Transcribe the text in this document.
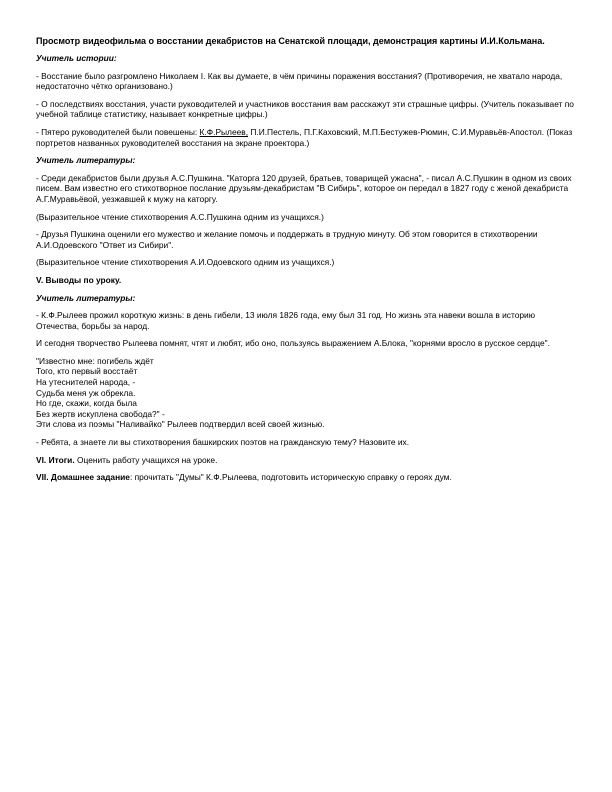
Просмотр видеофильма о восстании декабристов на Сенатской площади, демонстрация картины И.И.Кольмана.

Учитель истории:

- Восстание было разгромлено Николаем I. Как вы думаете, в чём причины поражения восстания? (Противоречия, не хватало народа, недостаточно чётко организовано.)

- О последствиях восстания, участи руководителей и участников восстания вам расскажут эти страшные цифры. (Учитель показывает по учебной таблице статистику, называет конкретные цифры.)

- Пятеро руководителей были повешены: К.Ф.Рылеев, П.И.Пестель, П.Г.Каховский, М.П.Бестужев-Рюмин, С.И.Муравьёв-Апостол. (Показ портретов названных руководителей восстания на экране проектора.)

Учитель литературы:

- Среди декабристов были друзья А.С.Пушкина. "Каторга 120 друзей, братьев, товарищей ужасна", - писал А.С.Пушкин в одном из своих писем. Вам известно его стихотворное послание друзьям-декабристам "В Сибирь", которое он передал в 1827 году с женой декабриста А.Г.Муравьёвой, уезжавшей к мужу на каторгу.

(Выразительное чтение стихотворения А.С.Пушкина одним из учащихся.)

- Друзья Пушкина оценили его мужество и желание помочь и поддержать в трудную минуту. Об этом говорится в стихотворении А.И.Одоевского "Ответ из Сибири".

(Выразительное чтение стихотворения А.И.Одоевского одним из учащихся.)

V. Выводы по уроку.

Учитель литературы:

- К.Ф.Рылеев прожил короткую жизнь: в день гибели, 13 июля 1826 года, ему был 31 год. Но жизнь эта навеки вошла в историю Отечества, борьбы за народ.

И сегодня творчество Рылеева помнят, чтят и любят, ибо оно, пользуясь выражением А.Блока, "корнями вросло в русское сердце".

"Известно мне: погибель ждёт
Того, кто первый восстаёт
На утеснителей народа, -
Судьба меня уж обрекла.
Но где, скажи, когда была
Без жертв искуплена свобода?" -
Эти слова из поэмы "Наливайко" Рылеев подтвердил всей своей жизнью.

- Ребята, а знаете ли вы стихотворения башкирских поэтов на гражданскую тему? Назовите их.

VI. Итоги. Оценить работу учащихся на уроке.

VII. Домашнее задание: прочитать "Думы" К.Ф.Рылеева, подготовить историческую справку о героях дум.
